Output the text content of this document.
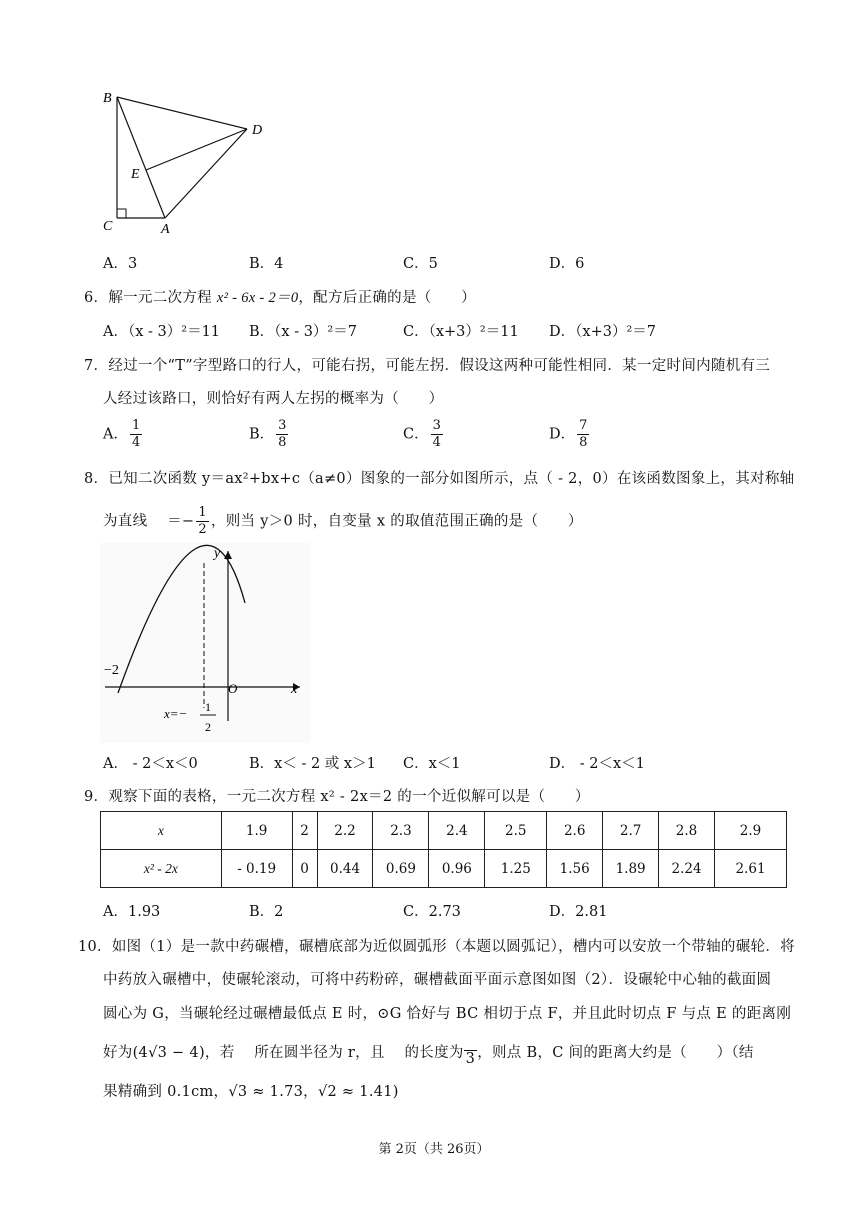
B
D
E
C	A
A．3	B．4	C．5	D．6
6．解一元二次方程 x² - 6x - 2＝0，配方后正确的是（　　）
A．（x - 3）²＝11 B．（x - 3）²＝7	C．（x+3）²＝11 D．（x+3）²＝7
7．经过一个“T”字型路口的行人，可能右拐，可能左拐．假设这两种可能性相同．某一定时间内随机有三
人经过该路口，则恰好有两人左拐的概率为（　　）
A． $\frac{1}{4}$	B． $\frac{3}{8}$	C． $\frac{3}{4}$	D． $\frac{7}{8}$
8．已知二次函数 y＝ax²+bx+c（a≠0）图象的一部分如图所示，点（ - 2，0）在该函数图象上，其对称轴
为直线 　＝− $\frac{1}{2}$ ，则当 y＞0 时，自变量 x 的取值范围正确的是（　　）
y
x
O
−2
x=− 1
2
A． - 2＜x＜0	B．x＜ - 2 或 x＞1 C．x＜1	D． - 2＜x＜1
9．观察下面的表格，一元二次方程 x² - 2x＝2 的一个近似解可以是（　　）
x	1.9	2	2.2	2.3	2.4	2.5	2.6	2.7	2.8	2.9
x² - 2x	- 0.19	0	0.44	0.69	0.96	1.25	1.56	1.89	2.24	2.61
A．1.93	B．2	C．2.73	D．2.81
10．如图（1）是一款中药碾槽，碾槽底部为近似圆弧形（本题以圆弧记），槽内可以安放一个带轴的碾轮．将
中药放入碾槽中，使碾轮滚动，可将中药粉碎，碾槽截面平面示意图如图（2）．设碾轮中心轴的截面圆
圆心为 G，当碾轮经过碾槽最低点 E 时，⊙G 恰好与 BC 相切于点 F，并且此时切点 F 与点 E 的距离刚
好为(4√3 − 4)，若　 所在圆半径为 r，且　 的长度为 3 ，则点 B，C 间的距离大约是（　　）（结
果精确到 0.1cm，√3 ≈ 1.73，√2 ≈ 1.41)
第 2页（共 26页）
